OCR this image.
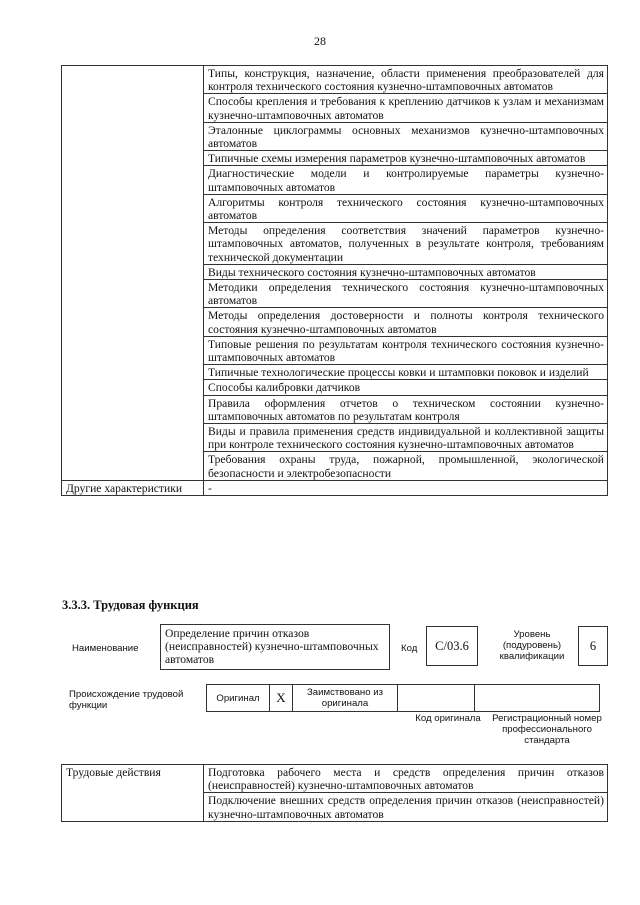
28
	Типы, конструкция, назначение, области применения преобразователей для контроля технического состояния кузнечно-штамповочных автоматов
	Способы крепления и требования к креплению датчиков к узлам и механизмам кузнечно-штамповочных автоматов
	Эталонные циклограммы основных механизмов кузнечно-штамповочных автоматов
	Типичные схемы измерения параметров кузнечно-штамповочных автоматов
	Диагностические модели и контролируемые параметры кузнечно-штамповочных автоматов
	Алгоритмы контроля технического состояния кузнечно-штамповочных автоматов
	Методы определения соответствия значений параметров кузнечно-штамповочных автоматов, полученных в результате контроля, требованиям технической документации
	Виды технического состояния кузнечно-штамповочных автоматов
	Методики определения технического состояния кузнечно-штамповочных автоматов
	Методы определения достоверности и полноты контроля технического состояния кузнечно-штамповочных автоматов
	Типовые решения по результатам контроля технического состояния кузнечно-штамповочных автоматов
	Типичные технологические процессы ковки и штамповки поковок и изделий
	Способы калибровки датчиков
	Правила оформления отчетов о техническом состоянии кузнечно-штамповочных автоматов по результатам контроля
	Виды и правила применения средств индивидуальной и коллективной защиты при контроле технического состояния кузнечно-штамповочных автоматов
	Требования охраны труда, пожарной, промышленной, экологической безопасности и электробезопасности
Другие характеристики	-
3.3.3. Трудовая функция
Наименование
Определение причин отказов (неисправностей) кузнечно-штамповочных автоматов
Код	C/03.6
Уровень (подуровень) квалификации
6
Происхождение трудовой функции
Оригинал	X	Заимствовано из оригинала		
Код оригинала	Регистрационный номер профессионального стандарта
Трудовые действия	Подготовка рабочего места и средств определения причин отказов (неисправностей) кузнечно-штамповочных автоматов
Подключение внешних средств определения причин отказов (неисправностей) кузнечно-штамповочных автоматов
